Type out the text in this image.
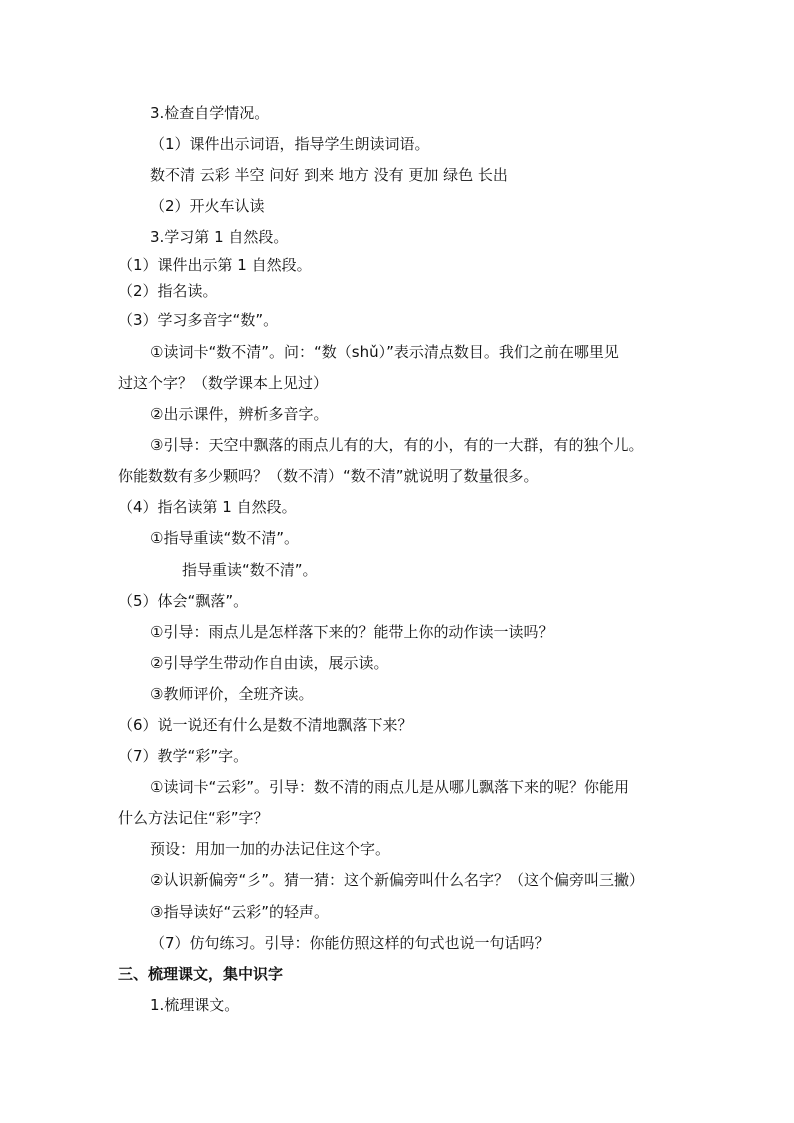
3.检查自学情况。
（1）课件出示词语，指导学生朗读词语。
数不清 云彩 半空 问好 到来 地方 没有 更加 绿色 长出
（2）开火车认读
3.学习第 1 自然段。
（1）课件出示第 1 自然段。
（2）指名读。
（3）学习多音字“数”。
①读词卡“数不清”。问：“数（shǔ）”表示清点数目。我们之前在哪里见
过这个字？（数学课本上见过）
②出示课件，辨析多音字。
③引导：天空中飘落的雨点儿有的大，有的小，有的一大群，有的独个儿。
你能数数有多少颗吗？（数不清）“数不清”就说明了数量很多。
（4）指名读第 1 自然段。
①指导重读“数不清”。
指导重读“数不清”。
（5）体会“飘落”。
①引导：雨点儿是怎样落下来的？能带上你的动作读一读吗？
②引导学生带动作自由读，展示读。
③教师评价，全班齐读。
（6）说一说还有什么是数不清地飘落下来？
（7）教学“彩”字。
①读词卡“云彩”。引导：数不清的雨点儿是从哪儿飘落下来的呢？你能用
什么方法记住“彩”字？
预设：用加一加的办法记住这个字。
②认识新偏旁“彡”。猜一猜：这个新偏旁叫什么名字？（这个偏旁叫三撇）
③指导读好“云彩”的轻声。
（7）仿句练习。引导：你能仿照这样的句式也说一句话吗？
三、梳理课文，集中识字
1.梳理课文。
